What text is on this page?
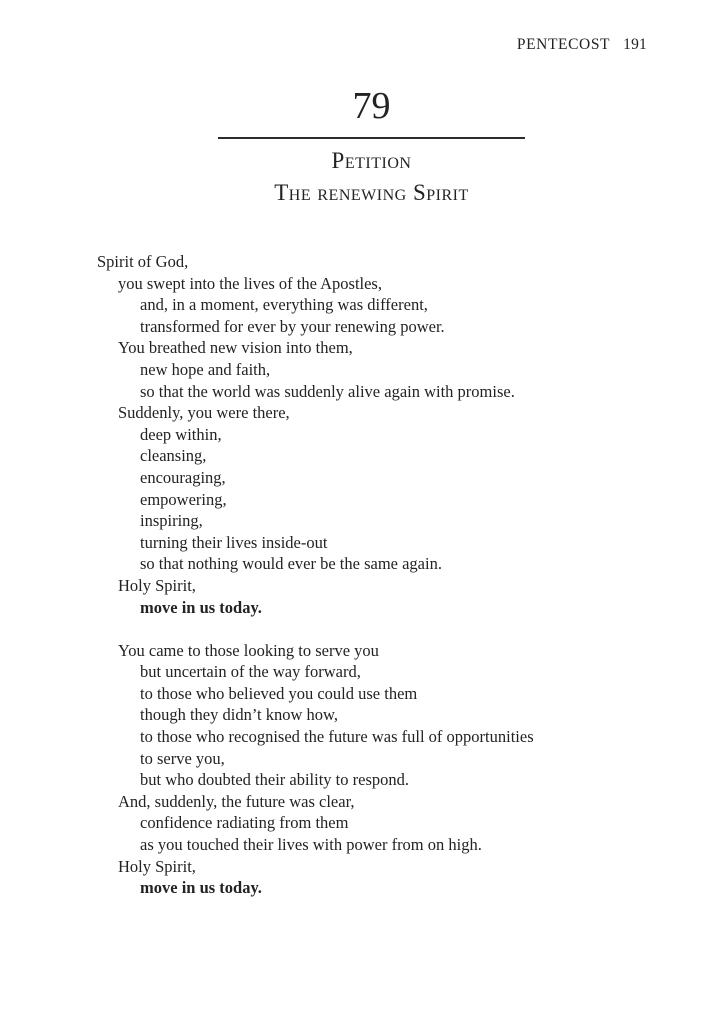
PENTECOST 191
79
Petition
The renewing Spirit
Spirit of God,
you swept into the lives of the Apostles,
and, in a moment, everything was different,
transformed for ever by your renewing power.
You breathed new vision into them,
new hope and faith,
so that the world was suddenly alive again with promise.
Suddenly, you were there,
deep within,
cleansing,
encouraging,
empowering,
inspiring,
turning their lives inside-out
so that nothing would ever be the same again.
Holy Spirit,
move in us today.
You came to those looking to serve you
but uncertain of the way forward,
to those who believed you could use them
though they didn’t know how,
to those who recognised the future was full of opportunities
to serve you,
but who doubted their ability to respond.
And, suddenly, the future was clear,
confidence radiating from them
as you touched their lives with power from on high.
Holy Spirit,
move in us today.
